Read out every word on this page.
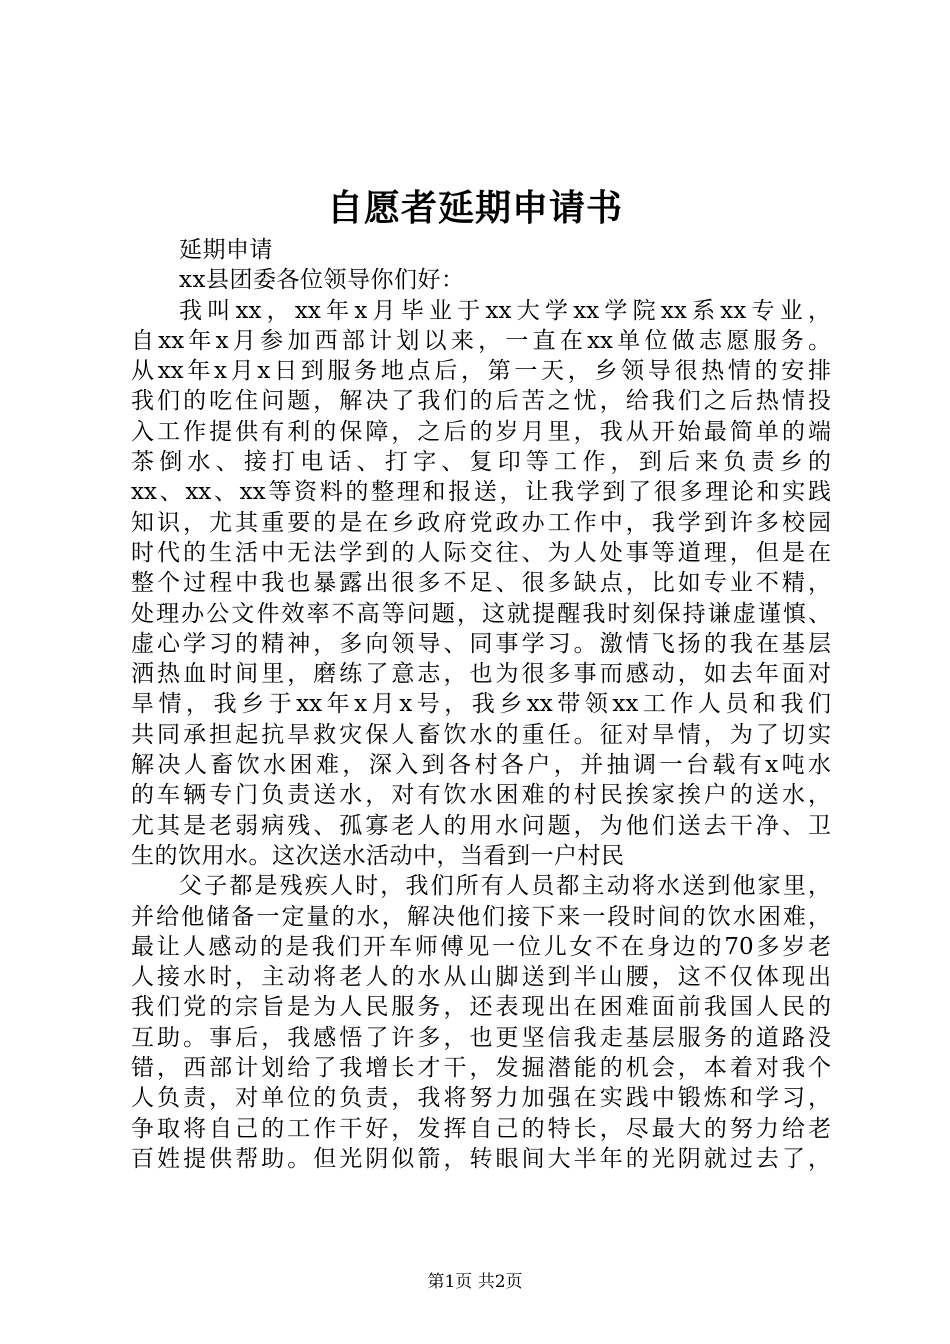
自愿者延期申请书
延期申请
xx县团委各位领导你们好：
我叫xx，xx年x月毕业于xx大学xx学院xx系xx专业，
自xx年x月参加西部计划以来，一直在xx单位做志愿服务。
从xx年x月x日到服务地点后，第一天，乡领导很热情的安排
我们的吃住问题，解决了我们的后苦之忧，给我们之后热情投
入工作提供有利的保障，之后的岁月里，我从开始最简单的端
茶倒水、接打电话、打字、复印等工作，到后来负责乡的
xx、xx、xx等资料的整理和报送，让我学到了很多理论和实践
知识，尤其重要的是在乡政府党政办工作中，我学到许多校园
时代的生活中无法学到的人际交往、为人处事等道理，但是在
整个过程中我也暴露出很多不足、很多缺点，比如专业不精，
处理办公文件效率不高等问题，这就提醒我时刻保持谦虚谨慎、
虚心学习的精神，多向领导、同事学习。激情飞扬的我在基层
洒热血时间里，磨练了意志，也为很多事而感动，如去年面对
旱情，我乡于xx年x月x号，我乡xx带领xx工作人员和我们
共同承担起抗旱救灾保人畜饮水的重任。征对旱情，为了切实
解决人畜饮水困难，深入到各村各户，并抽调一台载有x吨水
的车辆专门负责送水，对有饮水困难的村民挨家挨户的送水，
尤其是老弱病残、孤寡老人的用水问题，为他们送去干净、卫
生的饮用水。这次送水活动中，当看到一户村民
父子都是残疾人时，我们所有人员都主动将水送到他家里，
并给他储备一定量的水，解决他们接下来一段时间的饮水困难，
最让人感动的是我们开车师傅见一位儿女不在身边的70多岁老
人接水时，主动将老人的水从山脚送到半山腰，这不仅体现出
我们党的宗旨是为人民服务，还表现出在困难面前我国人民的
互助。事后，我感悟了许多，也更坚信我走基层服务的道路没
错，西部计划给了我增长才干，发掘潜能的机会，本着对我个
人负责，对单位的负责，我将努力加强在实践中锻炼和学习，
争取将自己的工作干好，发挥自己的特长，尽最大的努力给老
百姓提供帮助。但光阴似箭，转眼间大半年的光阴就过去了，
第1页 共2页
